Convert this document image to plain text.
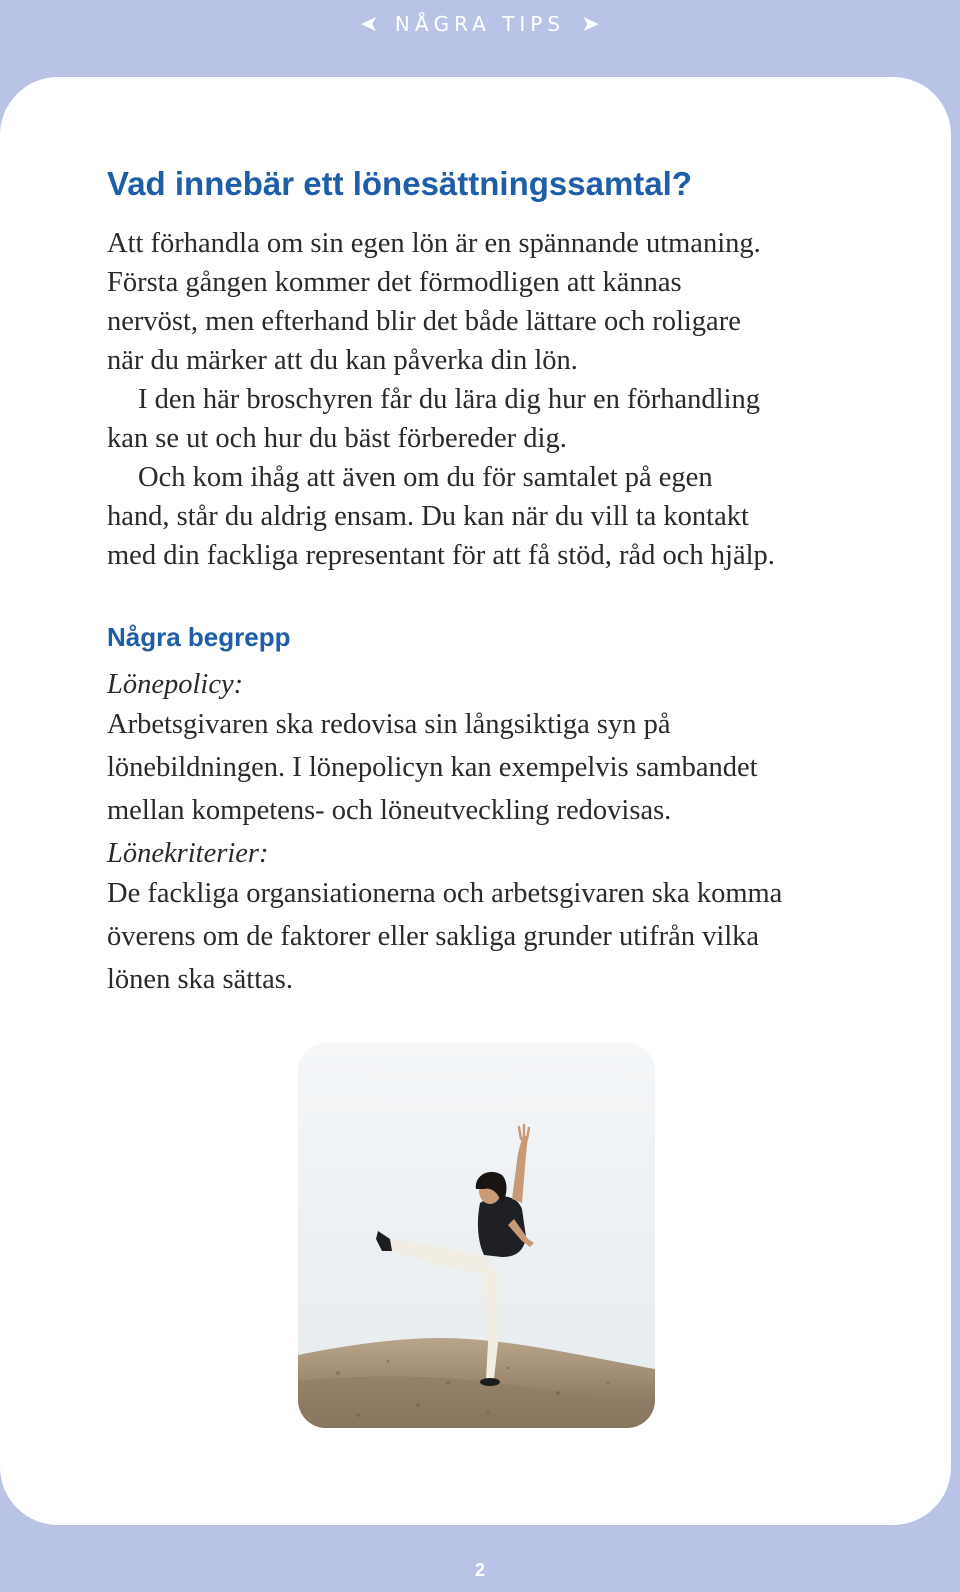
➤ NÅGRA TIPS ➤
Vad innebär ett lönesättningssamtal?

Att förhandla om sin egen lön är en spännande utmaning.

Första gången kommer det förmodligen att kännas

nervöst, men efterhand blir det både lättare och roligare

när du märker att du kan påverka din lön.

I den här broschyren får du lära dig hur en förhandling

kan se ut och hur du bäst förbereder dig.

Och kom ihåg att även om du för samtalet på egen

hand, står du aldrig ensam. Du kan när du vill ta kontakt

med din fackliga representant för att få stöd, råd och hjälp.

Några begrepp

Lönepolicy:

Arbetsgivaren ska redovisa sin långsiktiga syn på

lönebildningen. I lönepolicyn kan exempelvis sambandet

mellan kompetens- och löneutveckling redovisas.

Lönekriterier:

De fackliga organsiationerna och arbetsgivaren ska komma

överens om de faktorer eller sakliga grunder utifrån vilka

lönen ska sättas.

2
